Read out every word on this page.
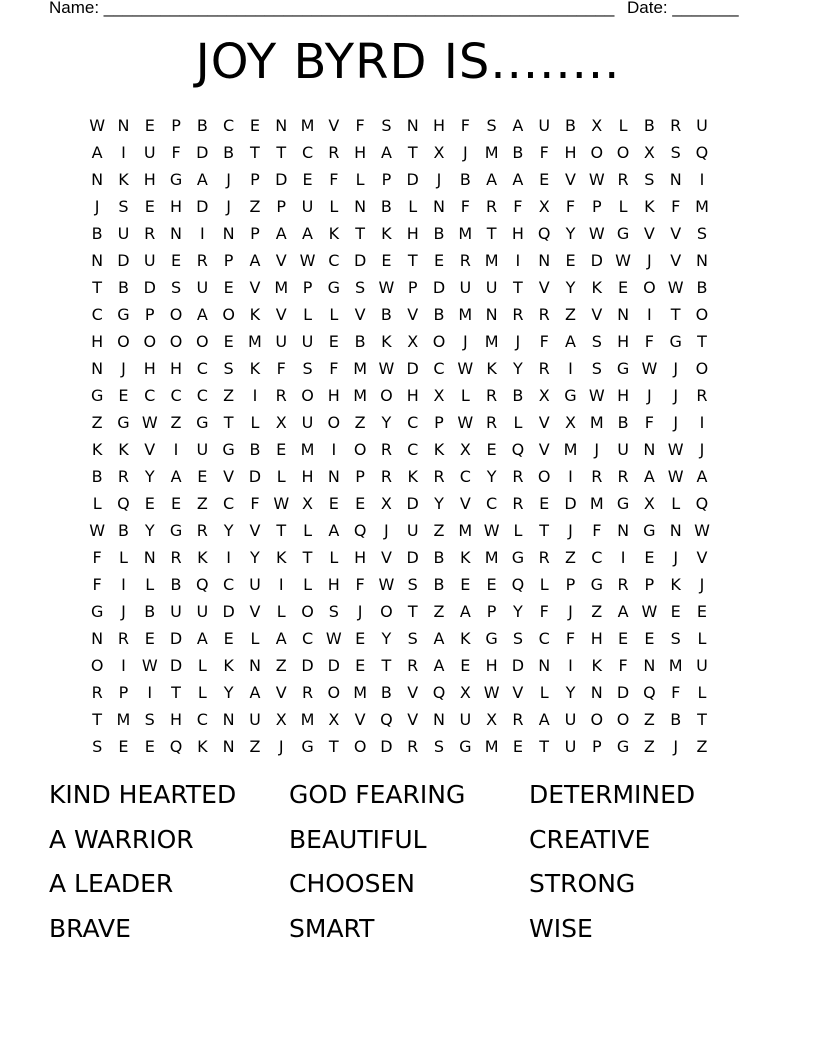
Name: ______________________________________________________ Date: _______
JOY BYRD IS........
W N E	P B C E N M V	F	S N H F	S A U B X	L	B R U
A	I	U F D B T	T C R H A T X	J	M B	F H O O X S Q
N K H G A	J	P D E	F	L	P D	J	B A A E V W R S N	I
J	S	E H D	J	Z P U L N B	L N F	R	F	X	F	P	L	K	F M
B U R N	I	N P	A A K	T	K H B M T H Q Y W G V V S
N D U E R P	A V W C D E	T	E R M	I	N E D W	J	V N
T B D S U E V M P G S W P D U U T V Y	K	E O W B
C G P O A O K V	L	L	V B V B M N R R Z V N	I	T O
H O O O O E M U U E B K X O	J	M	J	F	A S H F G T
N	J	H H C S K	F	S	F M W D C W K	Y R	I	S G W	J	O
G E C C C Z	I	R O H M O H X	L	R B X G W H	J	J	R
Z G W Z G T	L	X U O Z Y C P W R	L	V X M B	F	J	I
K K V	I	U G B E M	I	O R C K X E Q V M	J	U N W	J
B R Y A E V D L H N P R K R C Y R O	I	R R A W A
L Q E	E Z C	F W X E	E X D Y V C R E D M G X	L Q
W B Y G R Y V T	L	A Q	J	U Z M W L	T	J	F N G N W
F	L N R K	I	Y	K	T	L H V D B K M G R Z C	I	E	J	V
F	I	L	B Q C U	I	L H F W S B E	E Q L	P G R P	K	J
G	J	B U U D V	L O S	J	O T Z A P	Y	F	J	Z A W E	E
N R E D A E	L	A C W E	Y	S A K G S C	F H E	E	S	L
O	I	W D L	K N Z D D E	T R A E H D N	I	K	F N M U
R P	I	T	L	Y A V R O M B V Q X W V	L	Y N D Q F	L
T M S H C N U X M X V Q V N U X R A U O O Z B T
S	E	E Q K N Z	J	G T O D R S G M E	T U P G Z	J	Z
KIND HEARTED	GOD FEARING	DETERMINED
A WARRIOR	BEAUTIFUL	CREATIVE
A LEADER	CHOOSEN	STRONG
BRAVE	SMART	WISE
